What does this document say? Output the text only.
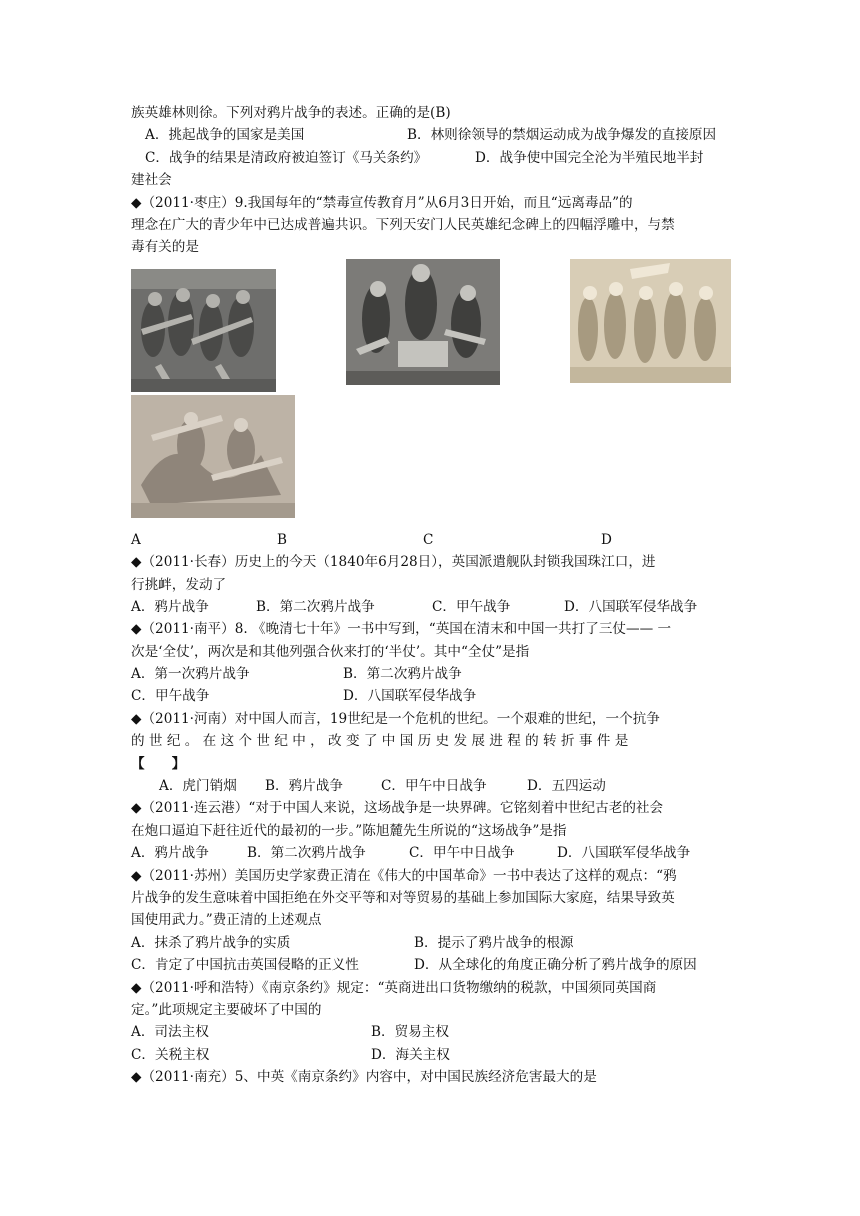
族英雄林则徐。下列对鸦片战争的表述。正确的是(B)
A．挑起战争的国家是美国	B．林则徐领导的禁烟运动成为战争爆发的直接原因
C．战争的结果是清政府被迫签订《马关条约》	D．战争使中国完全沦为半殖民地半封
建社会
◆（2011·枣庄）9.我国每年的“禁毒宣传教育月”从6月3日开始，而且“远离毒品”的
理念在广大的青少年中已达成普遍共识。下列天安门人民英雄纪念碑上的四幅浮雕中，与禁
毒有关的是
A	B	C	D
◆（2011·长春）历史上的今天（1840年6月28日），英国派遣舰队封锁我国珠江口，进
行挑衅，发动了
A．鸦片战争	B．第二次鸦片战争	C．甲午战争	D．八国联军侵华战争
◆（2011·南平）8. 《晚清七十年》一书中写到，“英国在清末和中国一共打了三仗—— 一
次是‘全仗’，两次是和其他列强合伙来打的‘半仗’。其中“全仗”是指
A．第一次鸦片战争	B．第二次鸦片战争
C．甲午战争	D．八国联军侵华战争
◆（2011·河南）对中国人而言，19世纪是一个危机的世纪。一个艰难的世纪，一个抗争
的 世 纪 。 在 这 个 世 纪 中 ， 改 变 了 中 国 历 史 发 展 进 程 的 转 折 事 件 是
【　　】
A．虎门销烟 B．鸦片战争	C．甲午中日战争	D．五四运动
◆（2011·连云港）“对于中国人来说，这场战争是一块界碑。它铭刻着中世纪古老的社会
在炮口逼迫下赶往近代的最初的一步。”陈旭麓先生所说的“这场战争”是指
A．鸦片战争	B．第二次鸦片战争	C．甲午中日战争	D．八国联军侵华战争
◆（2011·苏州）美国历史学家费正清在《伟大的中国革命》一书中表达了这样的观点：“鸦
片战争的发生意味着中国拒绝在外交平等和对等贸易的基础上参加国际大家庭，结果导致英
国使用武力。”费正清的上述观点
A．抹杀了鸦片战争的实质	B．提示了鸦片战争的根源
C．肯定了中国抗击英国侵略的正义性	D．从全球化的角度正确分析了鸦片战争的原因
◆（2011·呼和浩特）《南京条约》规定：“英商进出口货物缴纳的税款，中国须同英国商
定。”此项规定主要破坏了中国的
A．司法主权	B．贸易主权
C．关税主权	D．海关主权
◆（2011·南充）5、中英《南京条约》内容中，对中国民族经济危害最大的是
